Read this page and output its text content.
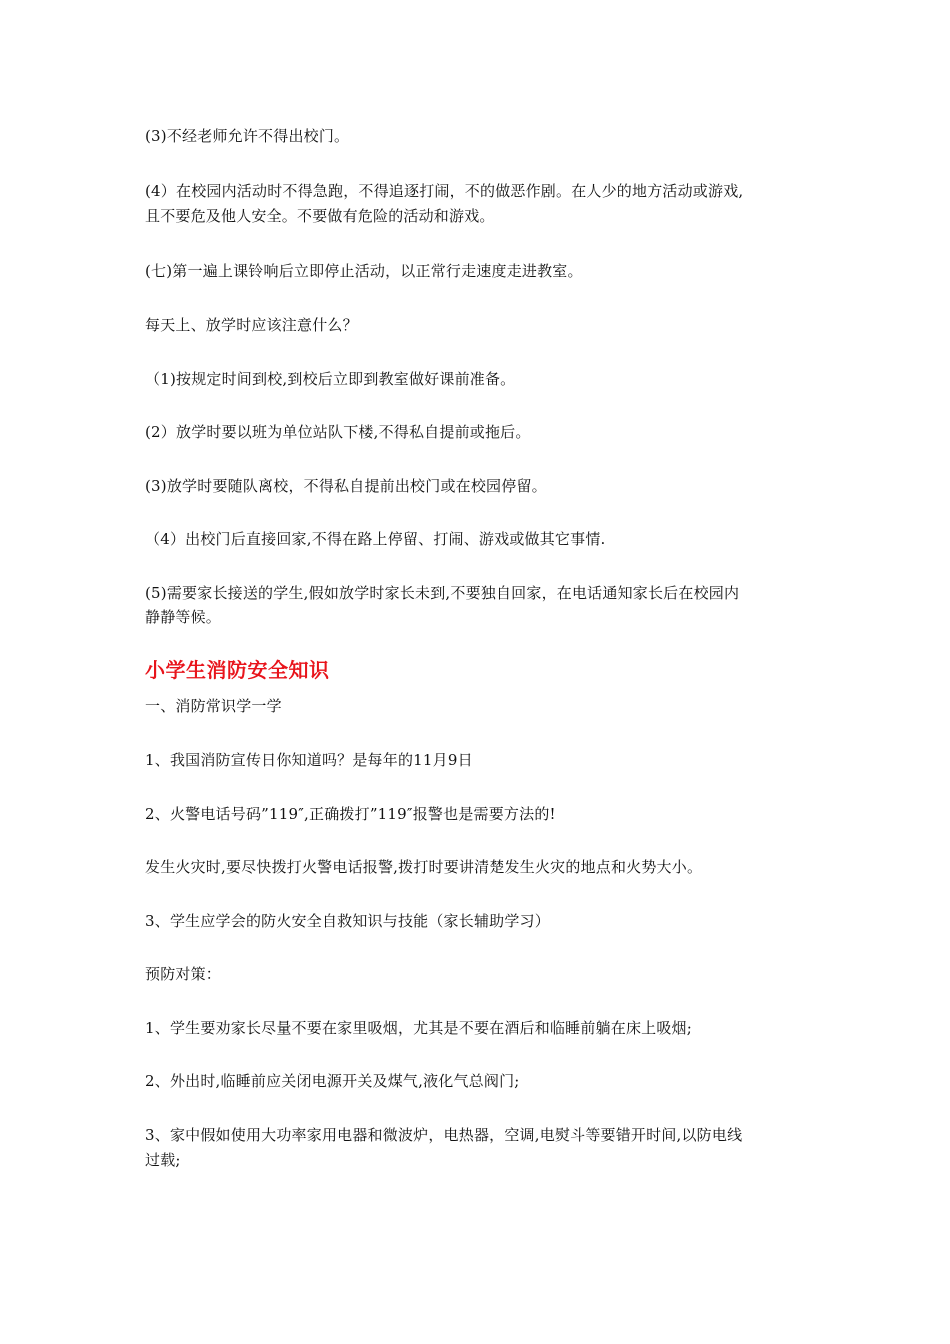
(3)不经老师允许不得出校门。
(4）在校园内活动时不得急跑，不得追逐打闹，不的做恶作剧。在人少的地方活动或游戏,
且不要危及他人安全。不要做有危险的活动和游戏。
(七)第一遍上课铃响后立即停止活动，以正常行走速度走进教室。
每天上、放学时应该注意什么？
（1)按规定时间到校,到校后立即到教室做好课前准备。
(2）放学时要以班为单位站队下楼,不得私自提前或拖后。
(3)放学时要随队离校，不得私自提前出校门或在校园停留。
（4）出校门后直接回家,不得在路上停留、打闹、游戏或做其它事情.
(5)需要家长接送的学生,假如放学时家长未到,不要独自回家，在电话通知家长后在校园内
静静等候。
小学生消防安全知识
一、消防常识学一学
1、我国消防宣传日你知道吗？是每年的11月9日
2、火警电话号码”119″,正确拨打”119″报警也是需要方法的!
发生火灾时,要尽快拨打火警电话报警,拨打时要讲清楚发生火灾的地点和火势大小。
3、学生应学会的防火安全自救知识与技能（家长辅助学习）
预防对策：
1、学生要劝家长尽量不要在家里吸烟，尤其是不要在酒后和临睡前躺在床上吸烟;
2、外出时,临睡前应关闭电源开关及煤气,液化气总阀门;
3、家中假如使用大功率家用电器和微波炉，电热器，空调,电熨斗等要错开时间,以防电线
过载;
